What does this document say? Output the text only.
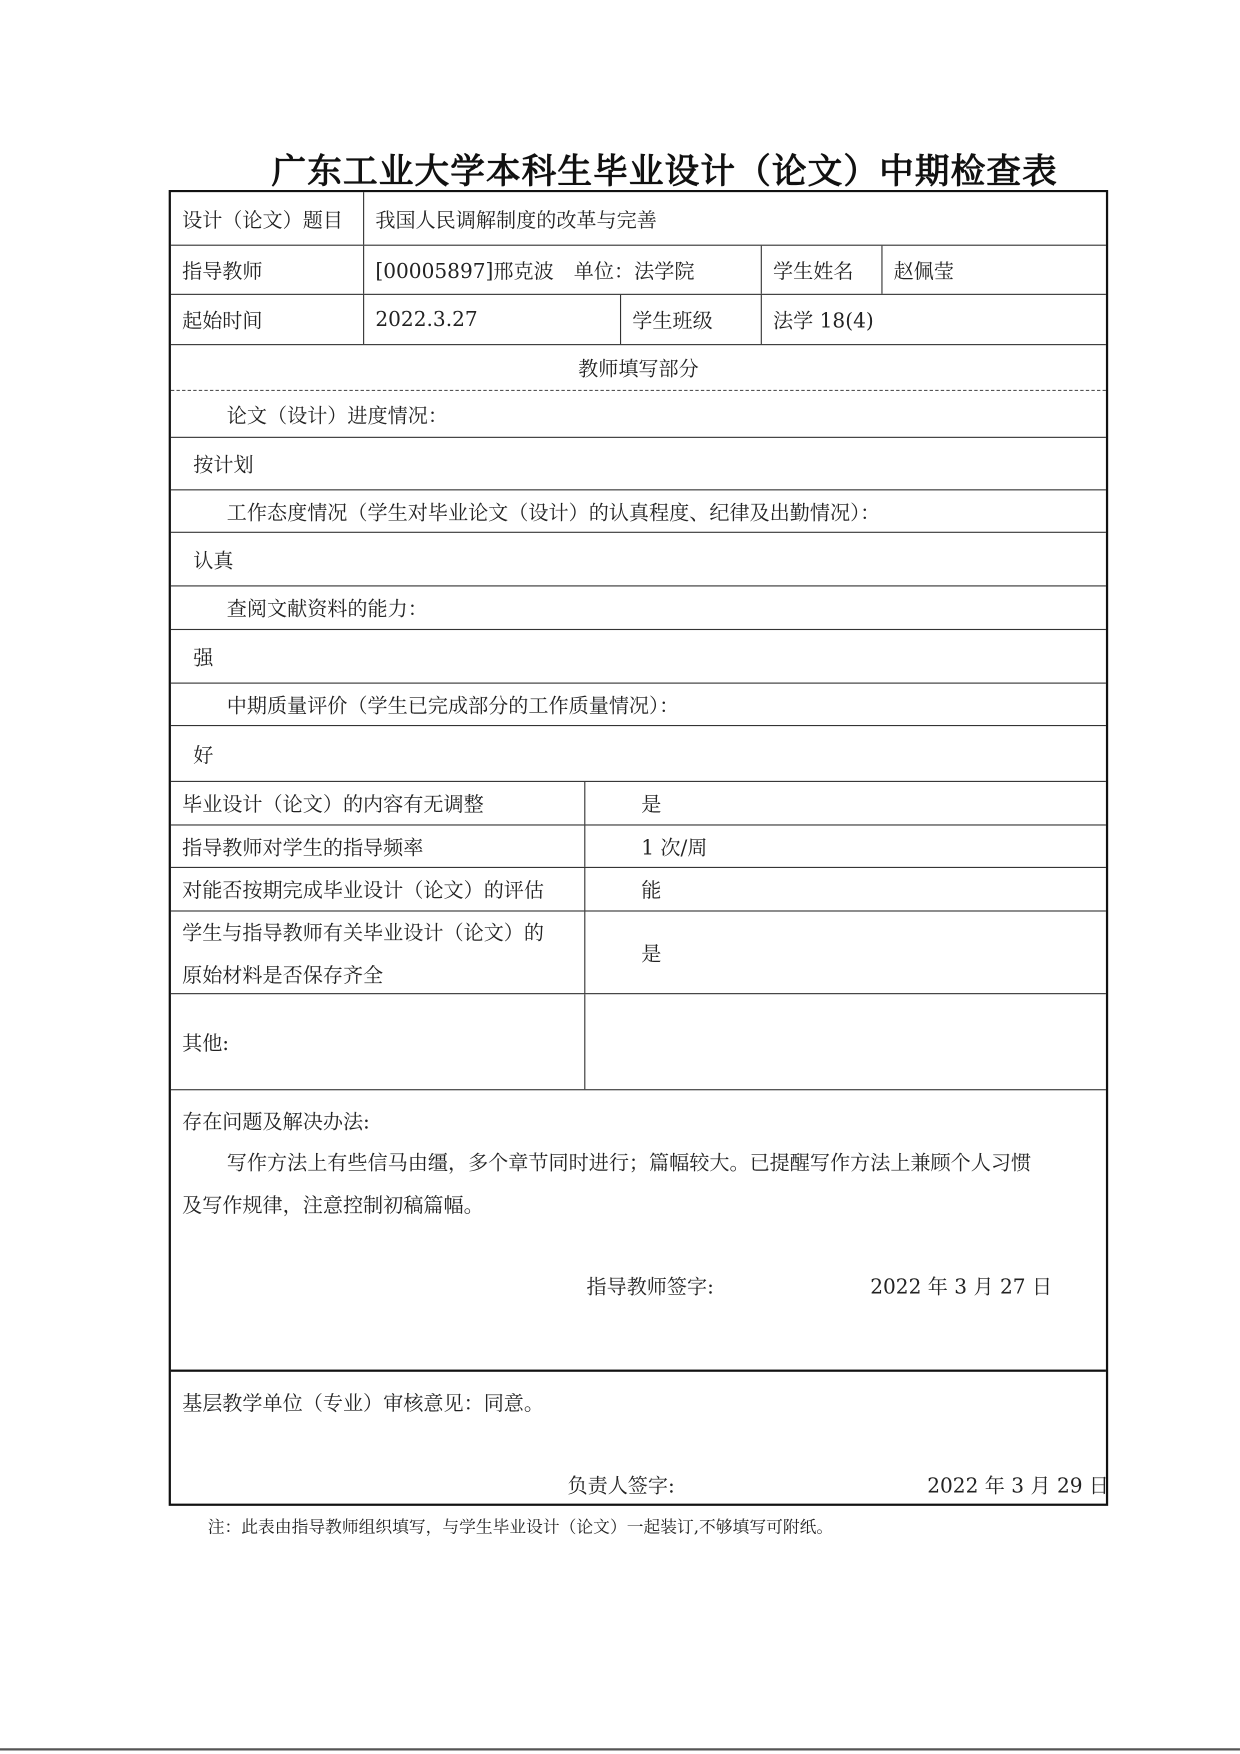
广东工业大学本科生毕业设计（论文）中期检查表
设计（论文）题目	我国人民调解制度的改革与完善
指导教师	[00005897]邢克波　单位：法学院	学生姓名	赵佩莹
起始时间	2022.3.27	学生班级	法学 18(4)
教师填写部分
论文（设计）进度情况：
按计划
工作态度情况（学生对毕业论文（设计）的认真程度、纪律及出勤情况）：
认真
查阅文献资料的能力：
强
中期质量评价（学生已完成部分的工作质量情况）：
好
毕业设计（论文）的内容有无调整	是
指导教师对学生的指导频率	1 次/周
对能否按期完成毕业设计（论文）的评估	能
学生与指导教师有关毕业设计（论文）的
原始材料是否保存齐全
是
其他:
存在问题及解决办法:
写作方法上有些信马由缰，多个章节同时进行；篇幅较大。已提醒写作方法上兼顾个人习惯
及写作规律，注意控制初稿篇幅。
指导教师签字:	2022 年 3 月 27 日
基层教学单位（专业）审核意见：同意。
负责人签字:	2022 年 3 月 29 日
注：此表由指导教师组织填写，与学生毕业设计（论文）一起装订,不够填写可附纸。
